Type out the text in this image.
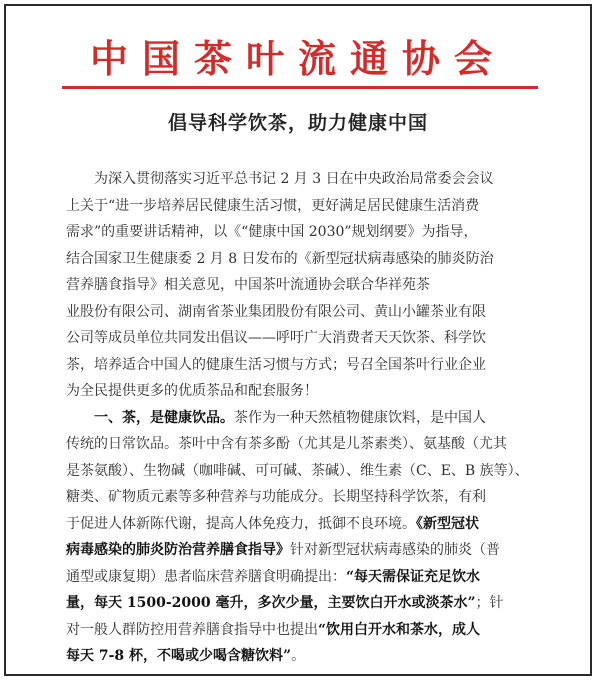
中国茶叶流通协会
倡导科学饮茶，助力健康中国
为深入贯彻落实习近平总书记 2 月 3 日在中央政治局常委会会议
上关于“进一步培养居民健康生活习惯，更好满足居民健康生活消费
需求”的重要讲话精神，以《“健康中国 2030”规划纲要》为指导，
结合国家卫生健康委 2 月 8 日发布的《新型冠状病毒感染的肺炎防治
营养膳食指导》相关意见，中国茶叶流通协会联合华祥苑茶
业股份有限公司、湖南省茶业集团股份有限公司、黄山小罐茶业有限
公司等成员单位共同发出倡议——呼吁广大消费者天天饮茶、科学饮
茶，培养适合中国人的健康生活习惯与方式；号召全国茶叶行业企业
为全民提供更多的优质茶品和配套服务！
一、茶，是健康饮品。茶作为一种天然植物健康饮料，是中国人
传统的日常饮品。茶叶中含有茶多酚（尤其是儿茶素类）、氨基酸（尤其
是茶氨酸）、生物碱（咖啡碱、可可碱、茶碱）、维生素（C、E、B 族等）、
糖类、矿物质元素等多种营养与功能成分。长期坚持科学饮茶，有利
于促进人体新陈代谢，提高人体免疫力，抵御不良环境。《新型冠状
病毒感染的肺炎防治营养膳食指导》针对新型冠状病毒感染的肺炎（普
通型或康复期）患者临床营养膳食明确提出：“每天需保证充足饮水
量，每天 1500-2000 毫升，多次少量，主要饮白开水或淡茶水”；针
对一般人群防控用营养膳食指导中也提出“饮用白开水和茶水，成人
每天 7-8 杯，不喝或少喝含糖饮料”。
